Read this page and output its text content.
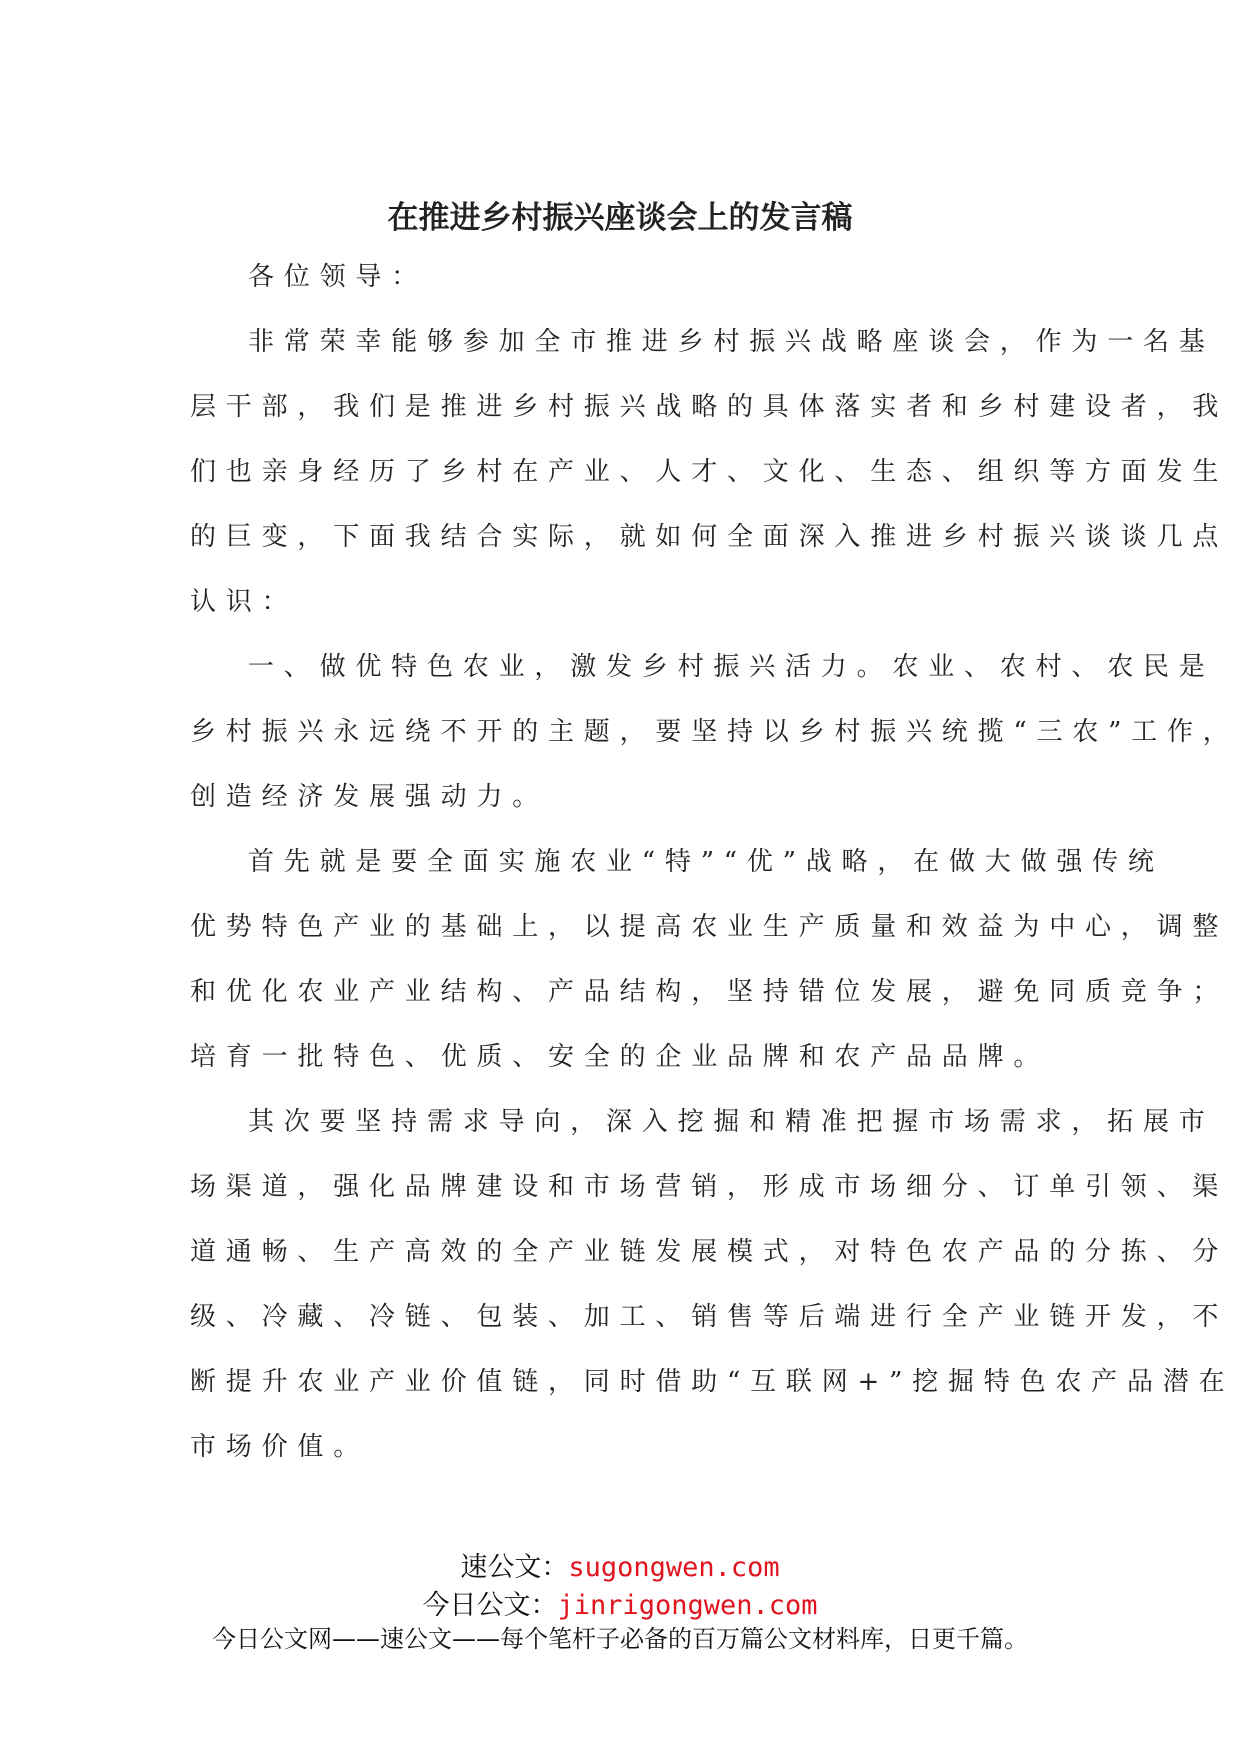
在推进乡村振兴座谈会上的发言稿
各位领导：
非常荣幸能够参加全市推进乡村振兴战略座谈会，作为一名基
层干部，我们是推进乡村振兴战略的具体落实者和乡村建设者，我
们也亲身经历了乡村在产业、人才、文化、生态、组织等方面发生
的巨变，下面我结合实际，就如何全面深入推进乡村振兴谈谈几点
认识：
一、做优特色农业，激发乡村振兴活力。农业、农村、农民是
乡村振兴永远绕不开的主题，要坚持以乡村振兴统揽“三农”工作，
创造经济发展强动力。
首先就是要全面实施农业“特”“优”战略，在做大做强传统
优势特色产业的基础上，以提高农业生产质量和效益为中心，调整
和优化农业产业结构、产品结构，坚持错位发展，避免同质竞争；
培育一批特色、优质、安全的企业品牌和农产品品牌。
其次要坚持需求导向，深入挖掘和精准把握市场需求，拓展市
场渠道，强化品牌建设和市场营销，形成市场细分、订单引领、渠
道通畅、生产高效的全产业链发展模式，对特色农产品的分拣、分
级、冷藏、冷链、包装、加工、销售等后端进行全产业链开发，不
断提升农业产业价值链，同时借助“互联网+”挖掘特色农产品潜在
市场价值。
速公文：sugongwen.com
今日公文：jinrigongwen.com
今日公文网——速公文——每个笔杆子必备的百万篇公文材料库，日更千篇。
